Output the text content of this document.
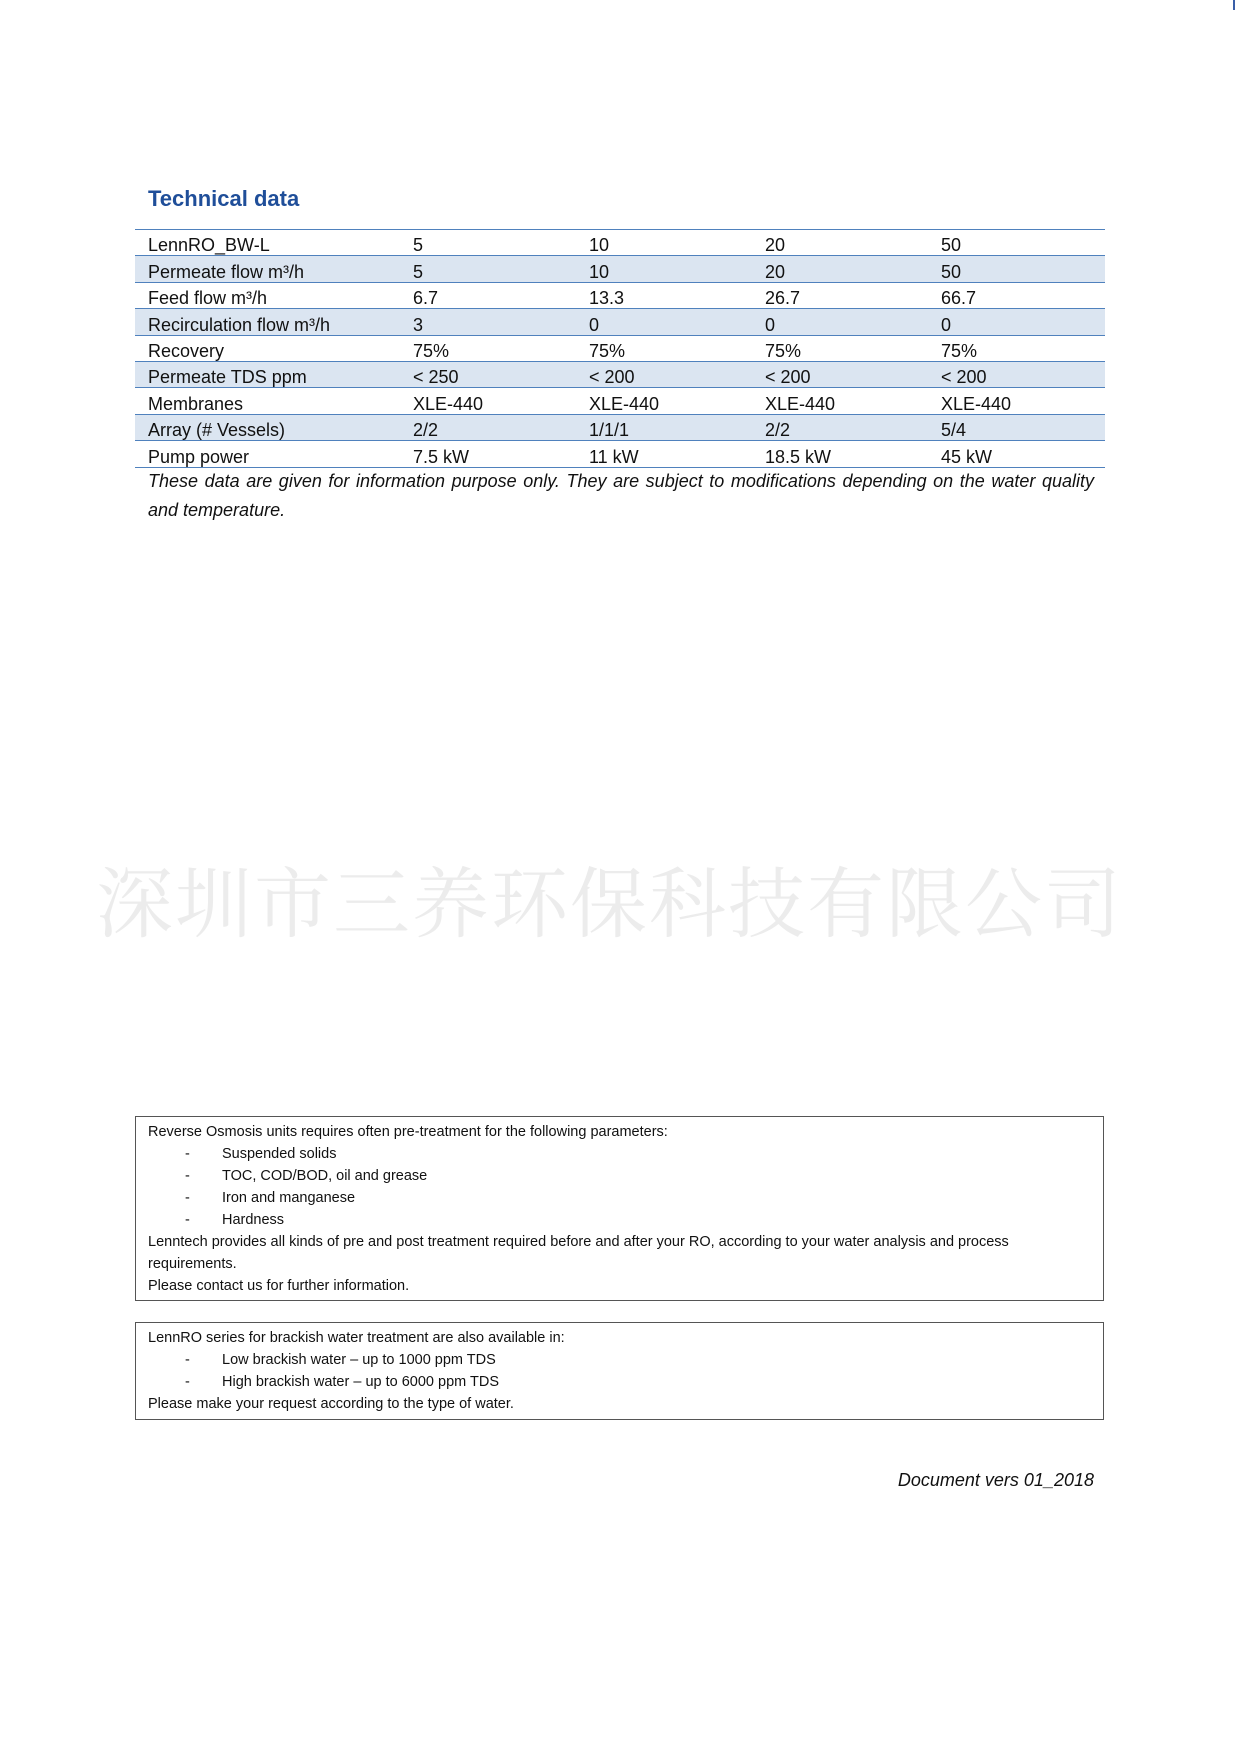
Technical data
LennRO_BW-L	5	10	20	50
Permeate flow m³/h	5	10	20	50
Feed flow m³/h	6.7	13.3	26.7	66.7
Recirculation flow m³/h	3	0	0	0
Recovery	75%	75%	75%	75%
Permeate TDS ppm	< 250	< 200	< 200	< 200
Membranes	XLE-440	XLE-440	XLE-440	XLE-440
Array (# Vessels)	2/2	1/1/1	2/2	5/4
Pump power	7.5 kW	11 kW	18.5 kW	45 kW

These data are given for information purpose only. They are subject to modifications depending on the water quality and temperature.

深圳市三养环保科技有限公司

Reverse Osmosis units requires often pre-treatment for the following parameters:

- Suspended solids
- TOC, COD/BOD, oil and grease
- Iron and manganese
- Hardness

Lenntech provides all kinds of pre and post treatment required before and after your RO, according to your water analysis and process requirements.

Please contact us for further information.

LennRO series for brackish water treatment are also available in:

- Low brackish water – up to 1000 ppm TDS
- High brackish water – up to 6000 ppm TDS

Please make your request according to the type of water.

Document vers 01_2018
